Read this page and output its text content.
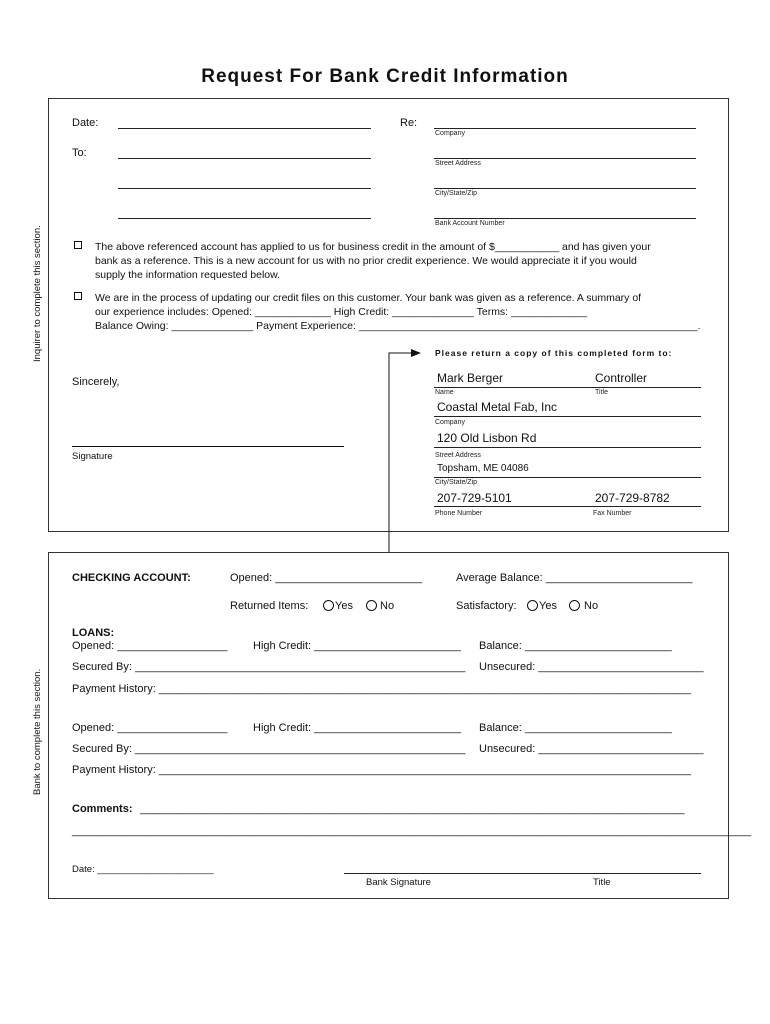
Request For Bank Credit Information
Inquirer to complete this section.
Date:
To:
Re:
Company
Street Address
City/State/Zip
Bank Account Number
The above referenced account has applied to us for business credit in the amount of $___________ and has given your
bank as a reference. This is a new account for us with no prior credit experience. We would appreciate it if you would
supply the information requested below.
We are in the process of updating our credit files on this customer. Your bank was given as a reference. A summary of
our experience includes: Opened: _____________ High Credit: ______________ Terms: _____________
Balance Owing: ______________ Payment Experience: __________________________________________________________.
Please return a copy of this completed form to:
Sincerely,
Signature
Mark Berger	Controller
Name	Title
Coastal Metal Fab, Inc
Company
120 Old Lisbon Rd
Street Address
Topsham, ME 04086
City/State/Zip
207-729-5101	207-729-8782
Phone Number	Fax Number
Bank to complete this section.
CHECKING ACCOUNT:	Opened: ________________________	Average Balance: ________________________
Returned Items: Yes No	Satisfactory: Yes No
LOANS:
Opened: __________________ High Credit: ________________________ Balance: ________________________
Secured By: ______________________________________________________ Unsecured: ___________________________
Payment History: _______________________________________________________________________________________
Opened: __________________ High Credit: ________________________ Balance: ________________________
Secured By: ______________________________________________________ Unsecured: ___________________________
Payment History: _______________________________________________________________________________________
Comments: _________________________________________________________________________________________
_______________________________________________________________________________________________________________
Date: ______________________
Bank Signature	Title
